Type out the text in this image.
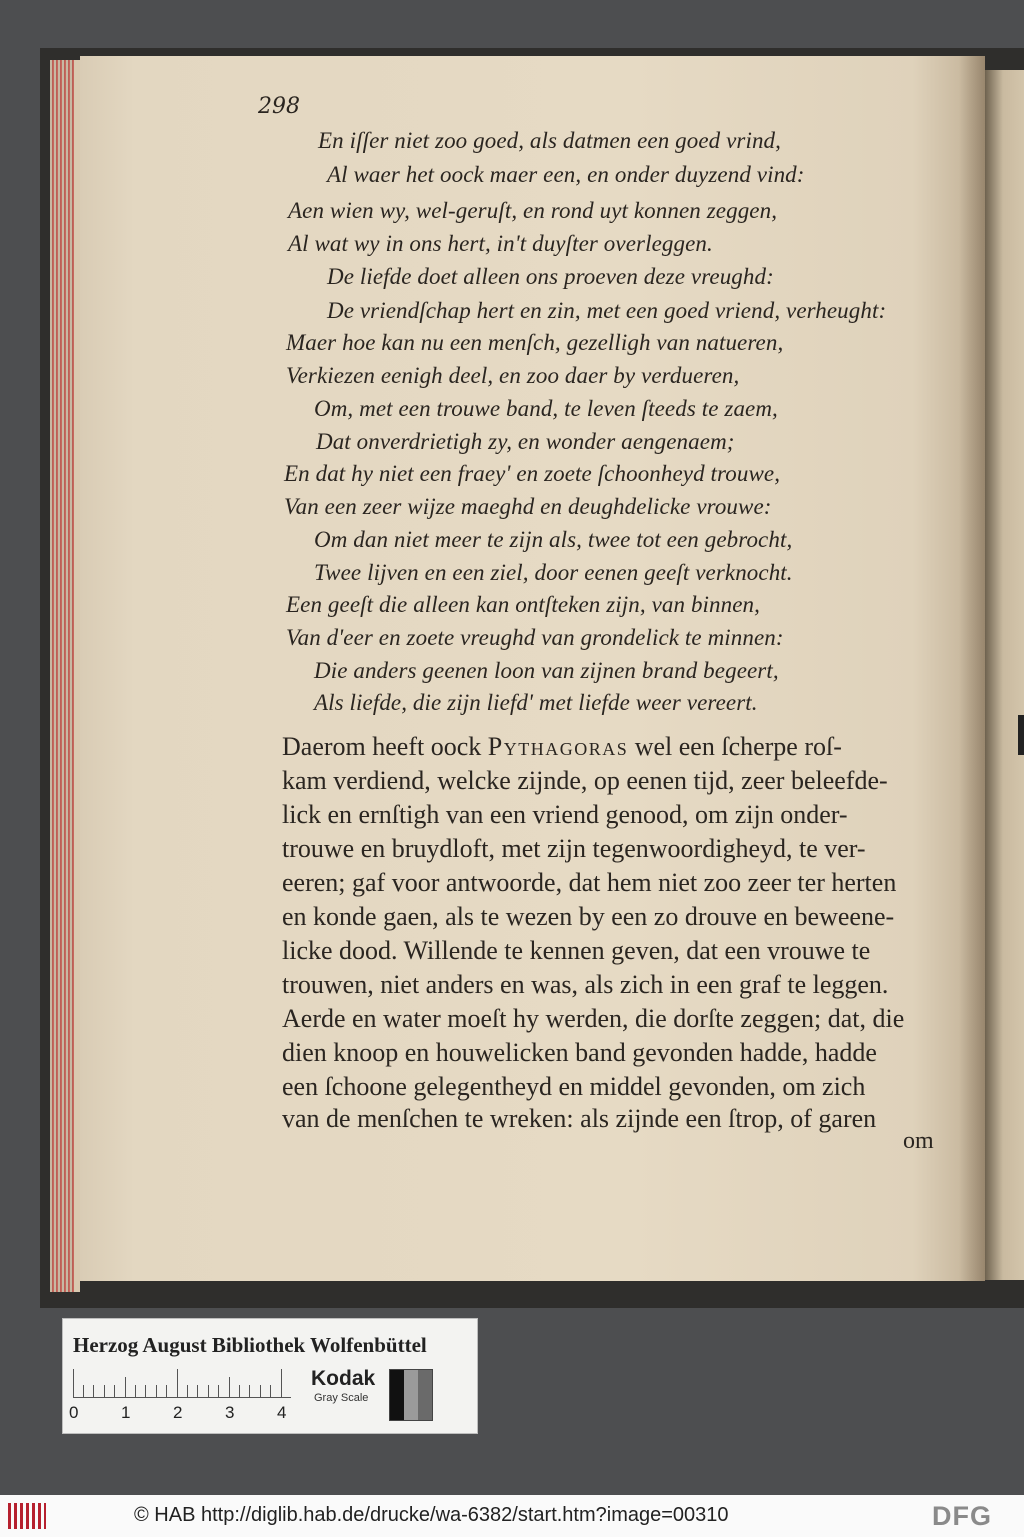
298
En iſſer niet zoo goed, als datmen een goed vrind,
Al waer het oock maer een, en onder duyzend vind:
Aen wien wy, wel-geruſt, en rond uyt konnen zeggen,
Al wat wy in ons hert, in't duyſter overleggen.
De liefde doet alleen ons proeven deze vreughd:
De vriendſchap hert en zin, met een goed vriend, verheught:
Maer hoe kan nu een menſch, gezelligh van natueren,
Verkiezen eenigh deel, en zoo daer by verdueren,
Om, met een trouwe band, te leven ſteeds te zaem,
Dat onverdrietigh zy, en wonder aengenaem;
En dat hy niet een fraey' en zoete ſchoonheyd trouwe,
Van een zeer wijze maeghd en deughdelicke vrouwe:
Om dan niet meer te zijn als, twee tot een gebrocht,
Twee lijven en een ziel, door eenen geeſt verknocht.
Een geeſt die alleen kan ontſteken zijn, van binnen,
Van d'eer en zoete vreughd van grondelick te minnen:
Die anders geenen loon van zijnen brand begeert,
Als liefde, die zijn liefd' met liefde weer vereert.
Daerom heeft oock Pythagoras wel een ſcherpe roſ-
kam verdiend, welcke zijnde, op eenen tijd, zeer beleefde-
lick en ernſtigh van een vriend genood, om zijn onder-
trouwe en bruydloft, met zijn tegenwoordigheyd, te ver-
eeren; gaf voor antwoorde, dat hem niet zoo zeer ter herten
en konde gaen, als te wezen by een zo drouve en beweene-
licke dood. Willende te kennen geven, dat een vrouwe te
trouwen, niet anders en was, als zich in een graf te leggen.
Aerde en water moeſt hy werden, die dorſte zeggen; dat, die
dien knoop en houwelicken band gevonden hadde, hadde
een ſchoone gelegentheyd en middel gevonden, om zich
van de menſchen te wreken: als zijnde een ſtrop, of garen
om
Herzog August Bibliothek Wolfenbüttel
0	1	2	3	4
Kodak
Gray Scale
© HAB http://diglib.hab.de/drucke/wa-6382/start.htm?image=00310	DFG
